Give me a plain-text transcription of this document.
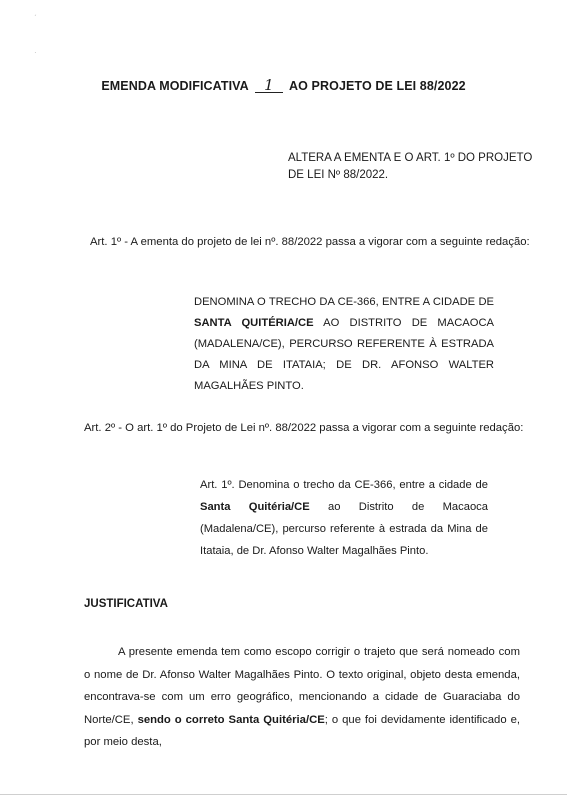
ˊ
·
EMENDA MODIFICATIVA 1 AO PROJETO DE LEI 88/2022
ALTERA A EMENTA E O ART. 1º DO PROJETO DE LEI Nº 88/2022.
Art. 1º - A ementa do projeto de lei nº. 88/2022 passa a vigorar com a seguinte redação:
DENOMINA O TRECHO DA CE-366, ENTRE A CIDADE DE SANTA QUITÉRIA/CE AO DISTRITO DE MACAOCA (MADALENA/CE), PERCURSO REFERENTE À ESTRADA DA MINA DE ITATAIA; DE DR. AFONSO WALTER MAGALHÃES PINTO.
Art. 2º - O art. 1º do Projeto de Lei nº. 88/2022 passa a vigorar com a seguinte redação:
Art. 1º. Denomina o trecho da CE-366, entre a cidade de Santa Quitéria/CE ao Distrito de Macaoca (Madalena/CE), percurso referente à estrada da Mina de Itataia, de Dr. Afonso Walter Magalhães Pinto.
JUSTIFICATIVA
A presente emenda tem como escopo corrigir o trajeto que será nomeado com o nome de Dr. Afonso Walter Magalhães Pinto. O texto original, objeto desta emenda, encontrava-se com um erro geográfico, mencionando a cidade de Guaraciaba do Norte/CE, sendo o correto Santa Quitéria/CE; o que foi devidamente identificado e, por meio desta,
